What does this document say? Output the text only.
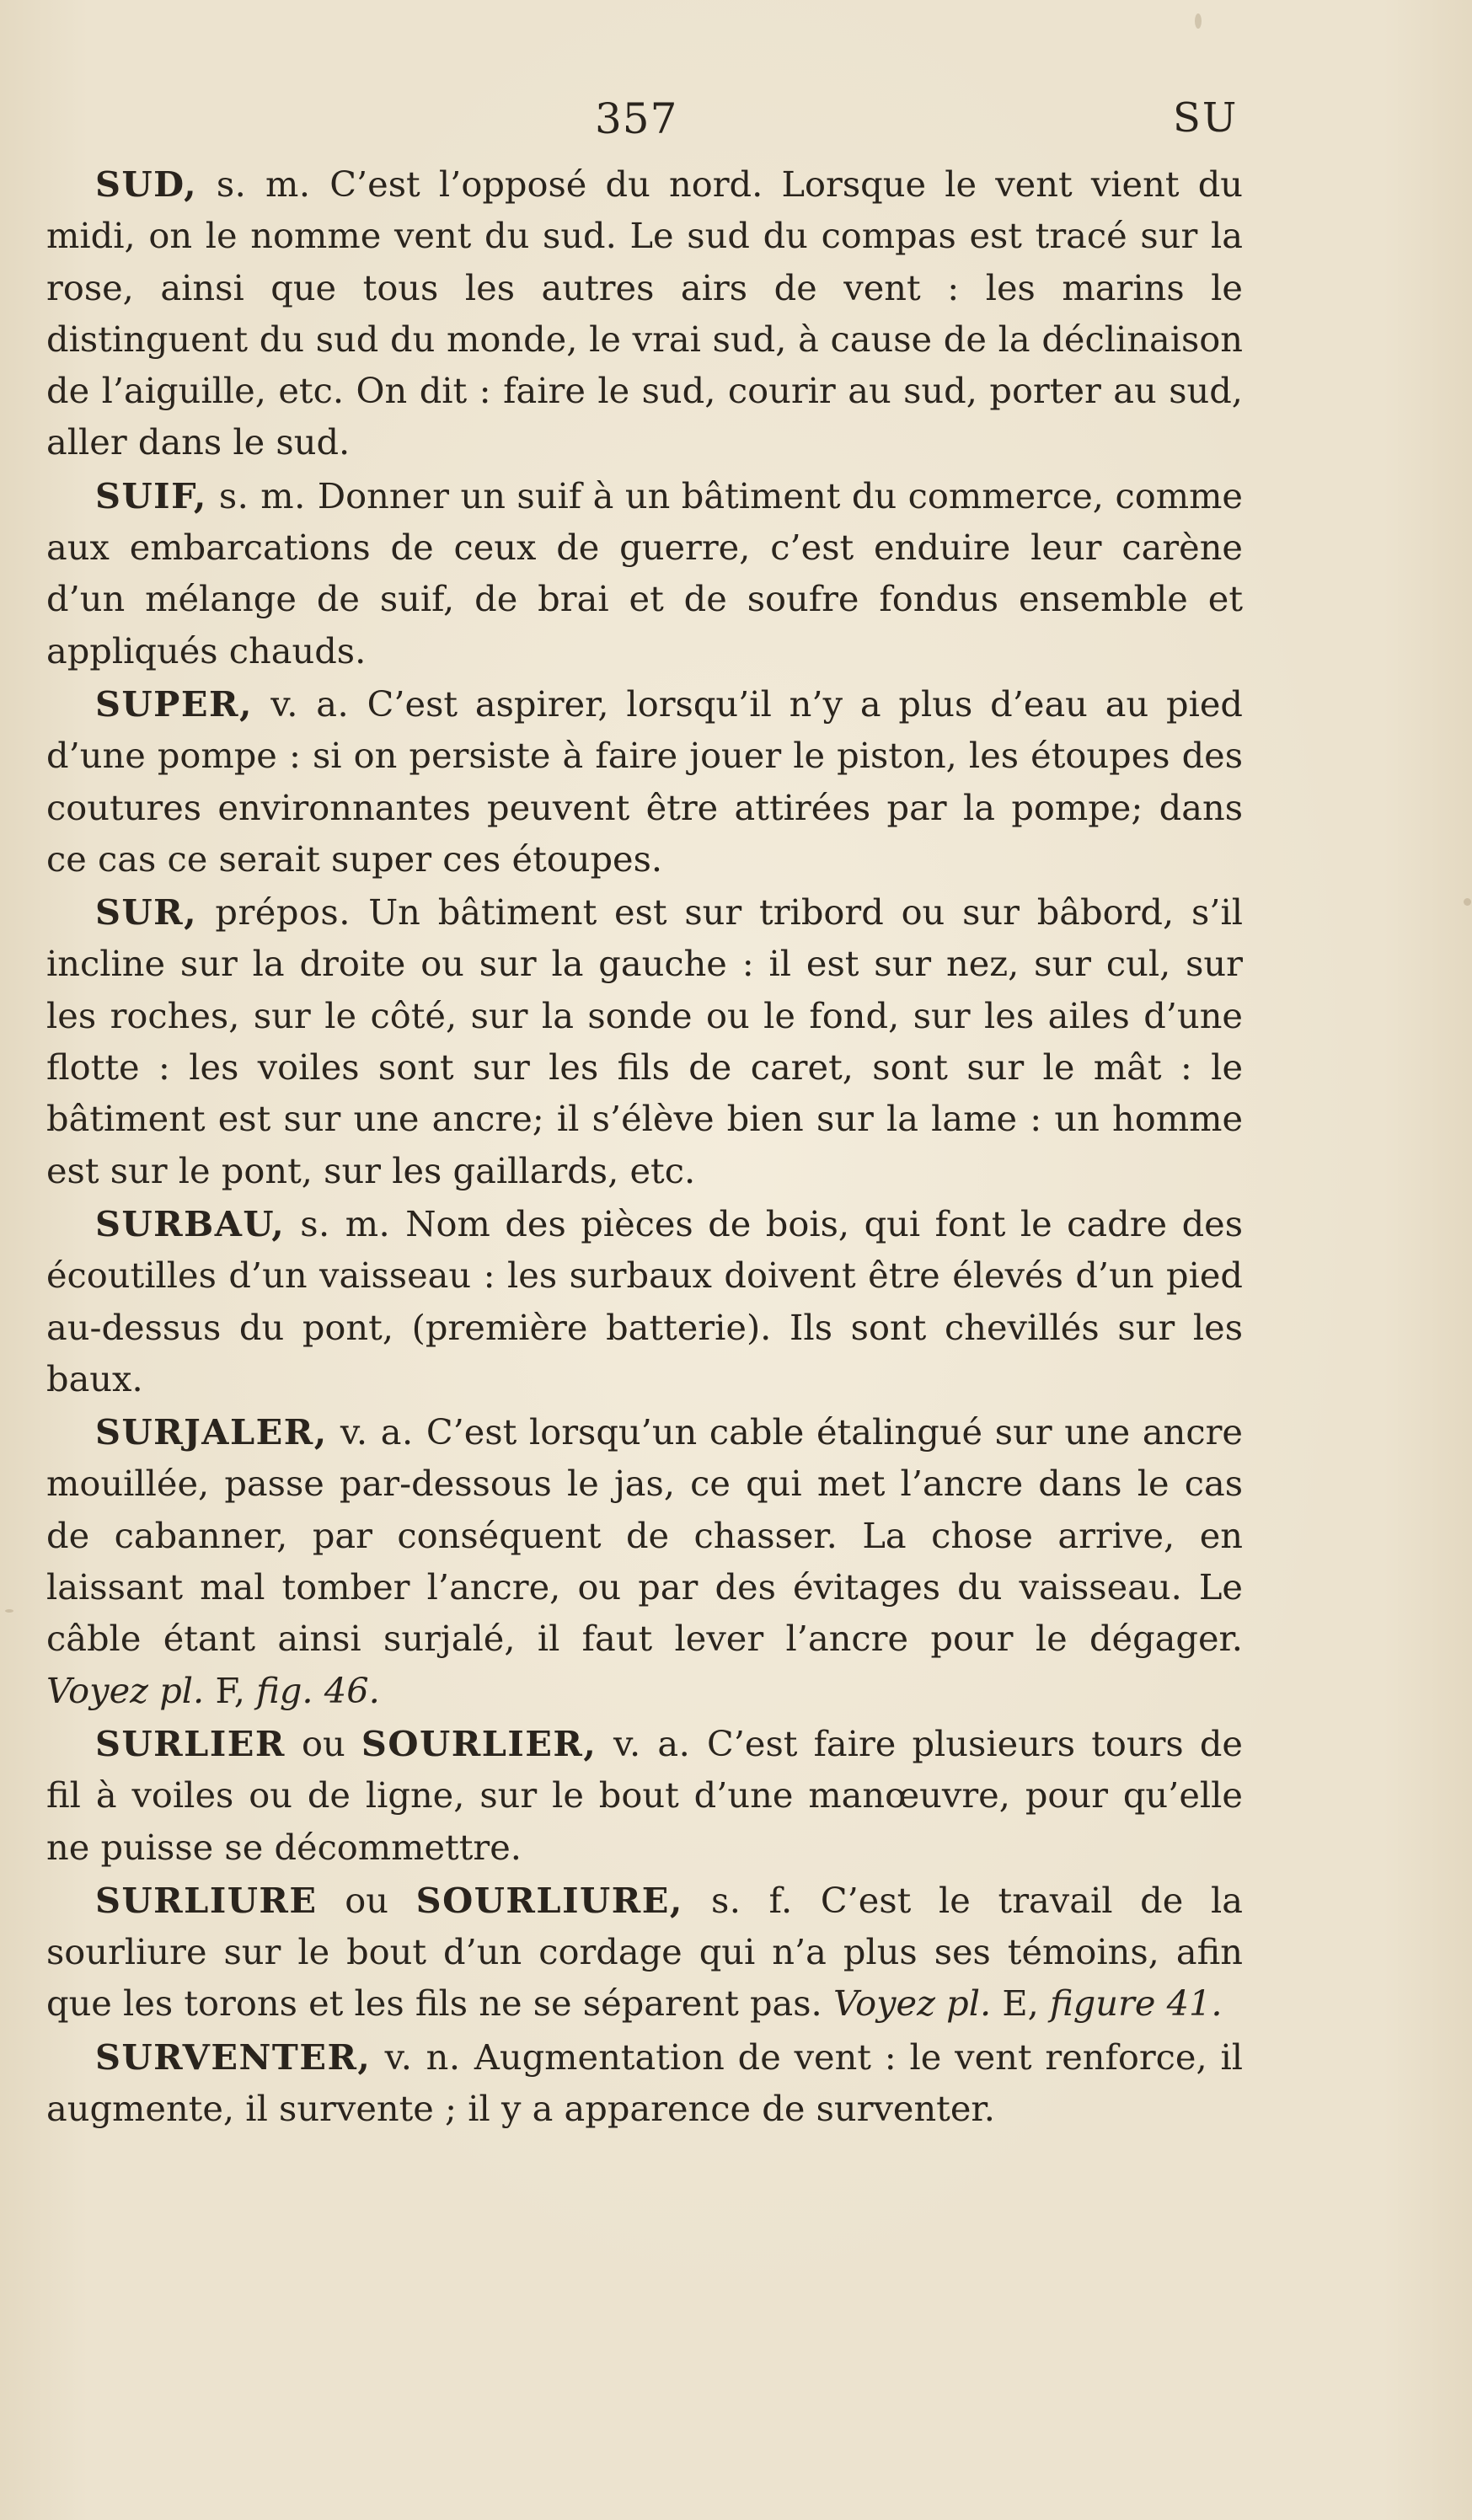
357	SU

SUD, s. m. C’est l’opposé du nord. Lorsque le vent vient du midi, on le nomme vent du sud. Le sud du compas est tracé sur la rose, ainsi que tous les autres airs de vent : les marins le distinguent du sud du monde, le vrai sud, à cause de la déclinaison de l’aiguille, etc. On dit : faire le sud, courir au sud, porter au sud, aller dans le sud.

SUIF, s. m. Donner un suif à un bâtiment du commerce, comme aux embarcations de ceux de guerre, c’est enduire leur carène d’un mélange de suif, de brai et de soufre fondus ensemble et appliqués chauds.

SUPER, v. a. C’est aspirer, lorsqu’il n’y a plus d’eau au pied d’une pompe : si on persiste à faire jouer le piston, les étoupes des coutures environnantes peuvent être attirées par la pompe; dans ce cas ce serait super ces étoupes.

SUR, prépos. Un bâtiment est sur tribord ou sur bâbord, s’il incline sur la droite ou sur la gauche : il est sur nez, sur cul, sur les roches, sur le côté, sur la sonde ou le fond, sur les ailes d’une flotte : les voiles sont sur les fils de caret, sont sur le mât : le bâtiment est sur une ancre; il s’élève bien sur la lame : un homme est sur le pont, sur les gaillards, etc.

SURBAU, s. m. Nom des pièces de bois, qui font le cadre des écoutilles d’un vaisseau : les surbaux doivent être élevés d’un pied au-dessus du pont, (première batterie). Ils sont chevillés sur les baux.

SURJALER, v. a. C’est lorsqu’un cable étalingué sur une ancre mouillée, passe par-dessous le jas, ce qui met l’ancre dans le cas de cabanner, par conséquent de chasser. La chose arrive, en laissant mal tomber l’ancre, ou par des évitages du vaisseau. Le câble étant ainsi surjalé, il faut lever l’ancre pour le dégager. Voyez pl. F, fig. 46.

SURLIER ou SOURLIER, v. a. C’est faire plusieurs tours de fil à voiles ou de ligne, sur le bout d’une manœuvre, pour qu’elle ne puisse se décommettre.

SURLIURE ou SOURLIURE, s. f. C’est le travail de la sourliure sur le bout d’un cordage qui n’a plus ses témoins, afin que les torons et les fils ne se séparent pas. Voyez pl. E, figure 41.

SURVENTER, v. n. Augmentation de vent : le vent renforce, il augmente, il survente ; il y a apparence de surventer.
